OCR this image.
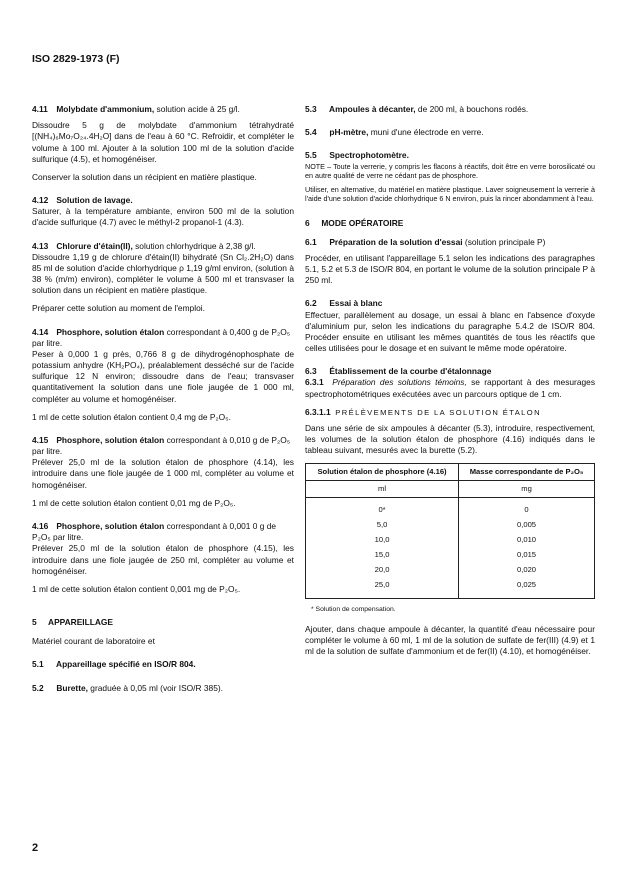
ISO 2829-1973 (F)
4.11 Molybdate d'ammonium, solution acide à 25 g/l.

Dissoudre 5 g de molybdate d'ammonium tétrahydraté [(NH₄)₆Mo₇O₂₄.4H₂O] dans de l'eau à 60 °C. Refroidir, et compléter le volume à 100 ml. Ajouter à la solution 100 ml de la solution d'acide sulfurique (4.5), et homogénéiser.

Conserver la solution dans un récipient en matière plastique.

4.12 Solution de lavage.

Saturer, à la température ambiante, environ 500 ml de la solution d'acide sulfurique (4.7) avec le méthyl-2 propanol-1 (4.3).

4.13 Chlorure d'étain(II), solution chlorhydrique à 2,38 g/l.

Dissoudre 1,19 g de chlorure d'étain(II) bihydraté (Sn Cl₂.2H₂O) dans 85 ml de solution d'acide chlorhydrique ρ 1,19 g/ml environ, (solution à 38 % (m/m) environ), compléter le volume à 500 ml et transvaser la solution dans un récipient en matière plastique.

Préparer cette solution au moment de l'emploi.

4.14 Phosphore, solution étalon correspondant à 0,400 g de P₂O₅ par litre.

Peser à 0,000 1 g près, 0,766 8 g de dihydrogénophosphate de potassium anhydre (KH₂PO₄), préalablement desséché sur de l'acide sulfurique 12 N environ; dissoudre dans de l'eau; transvaser quantitativement la solution dans une fiole jaugée de 1 000 ml, compléter au volume et homogénéiser.

1 ml de cette solution étalon contient 0,4 mg de P₂O₅.

4.15 Phosphore, solution étalon correspondant à 0,010 g de P₂O₅ par litre.

Prélever 25,0 ml de la solution étalon de phosphore (4.14), les introduire dans une fiole jaugée de 1 000 ml, compléter au volume et homogénéiser.

1 ml de cette solution étalon contient 0,01 mg de P₂O₅.

4.16 Phosphore, solution étalon correspondant à 0,001 0 g de P₂O₅ par litre.

Prélever 25,0 ml de la solution étalon de phosphore (4.15), les introduire dans une fiole jaugée de 250 ml, compléter au volume et homogénéiser.

1 ml de cette solution étalon contient 0,001 mg de P₂O₅.

5 APPAREILLAGE

Matériel courant de laboratoire et

5.1 Appareillage spécifié en ISO/R 804.
5.2 Burette, graduée à 0,05 ml (voir ISO/R 385).
5.3 Ampoules à décanter, de 200 ml, à bouchons rodés.
5.4 pH-mètre, muni d'une électrode en verre.
5.5 Spectrophotomètre.

NOTE – Toute la verrerie, y compris les flacons à réactifs, doit être en verre borosilicaté ou en autre qualité de verre ne cédant pas de phosphore.

Utiliser, en alternative, du matériel en matière plastique. Laver soigneusement la verrerie à l'aide d'une solution d'acide chlorhydrique 6 N environ, puis la rincer abondamment à l'eau.

6 MODE OPÉRATOIRE
6.1 Préparation de la solution d'essai (solution principale P)

Procéder, en utilisant l'appareillage 5.1 selon les indications des paragraphes 5.1, 5.2 et 5.3 de ISO/R 804, en portant le volume de la solution principale P à 250 ml.

6.2 Essai à blanc

Effectuer, parallèlement au dosage, un essai à blanc en l'absence d'oxyde d'aluminium pur, selon les indications du paragraphe 5.4.2 de ISO/R 804. Procéder ensuite en utilisant les mêmes quantités de tous les réactifs que celles utilisées pour le dosage et en suivant le même mode opératoire.

6.3 Établissement de la courbe d'étalonnage

6.3.1 Préparation des solutions témoins, se rapportant à des mesurages spectrophotométriques exécutées avec un parcours optique de 1 cm.

6.3.1.1 PRÉLÈVEMENTS DE LA SOLUTION ÉTALON

Dans une série de six ampoules à décanter (5.3), introduire, respectivement, les volumes de la solution étalon de phosphore (4.16) indiqués dans le tableau suivant, mesurés avec la burette (5.2).

Solution étalon de phosphore (4.16)	Masse correspondante de P₂O₅
ml	mg
0*	0
5,0	0,005
10,0	0,010
15,0	0,015
20,0	0,020
25,0	0,025
* Solution de compensation.

Ajouter, dans chaque ampoule à décanter, la quantité d'eau nécessaire pour compléter le volume à 60 ml, 1 ml de la solution de sulfate de fer(III) (4.9) et 1 ml de la solution de sulfate d'ammonium et de fer(II) (4.10), et homogénéiser.

2
